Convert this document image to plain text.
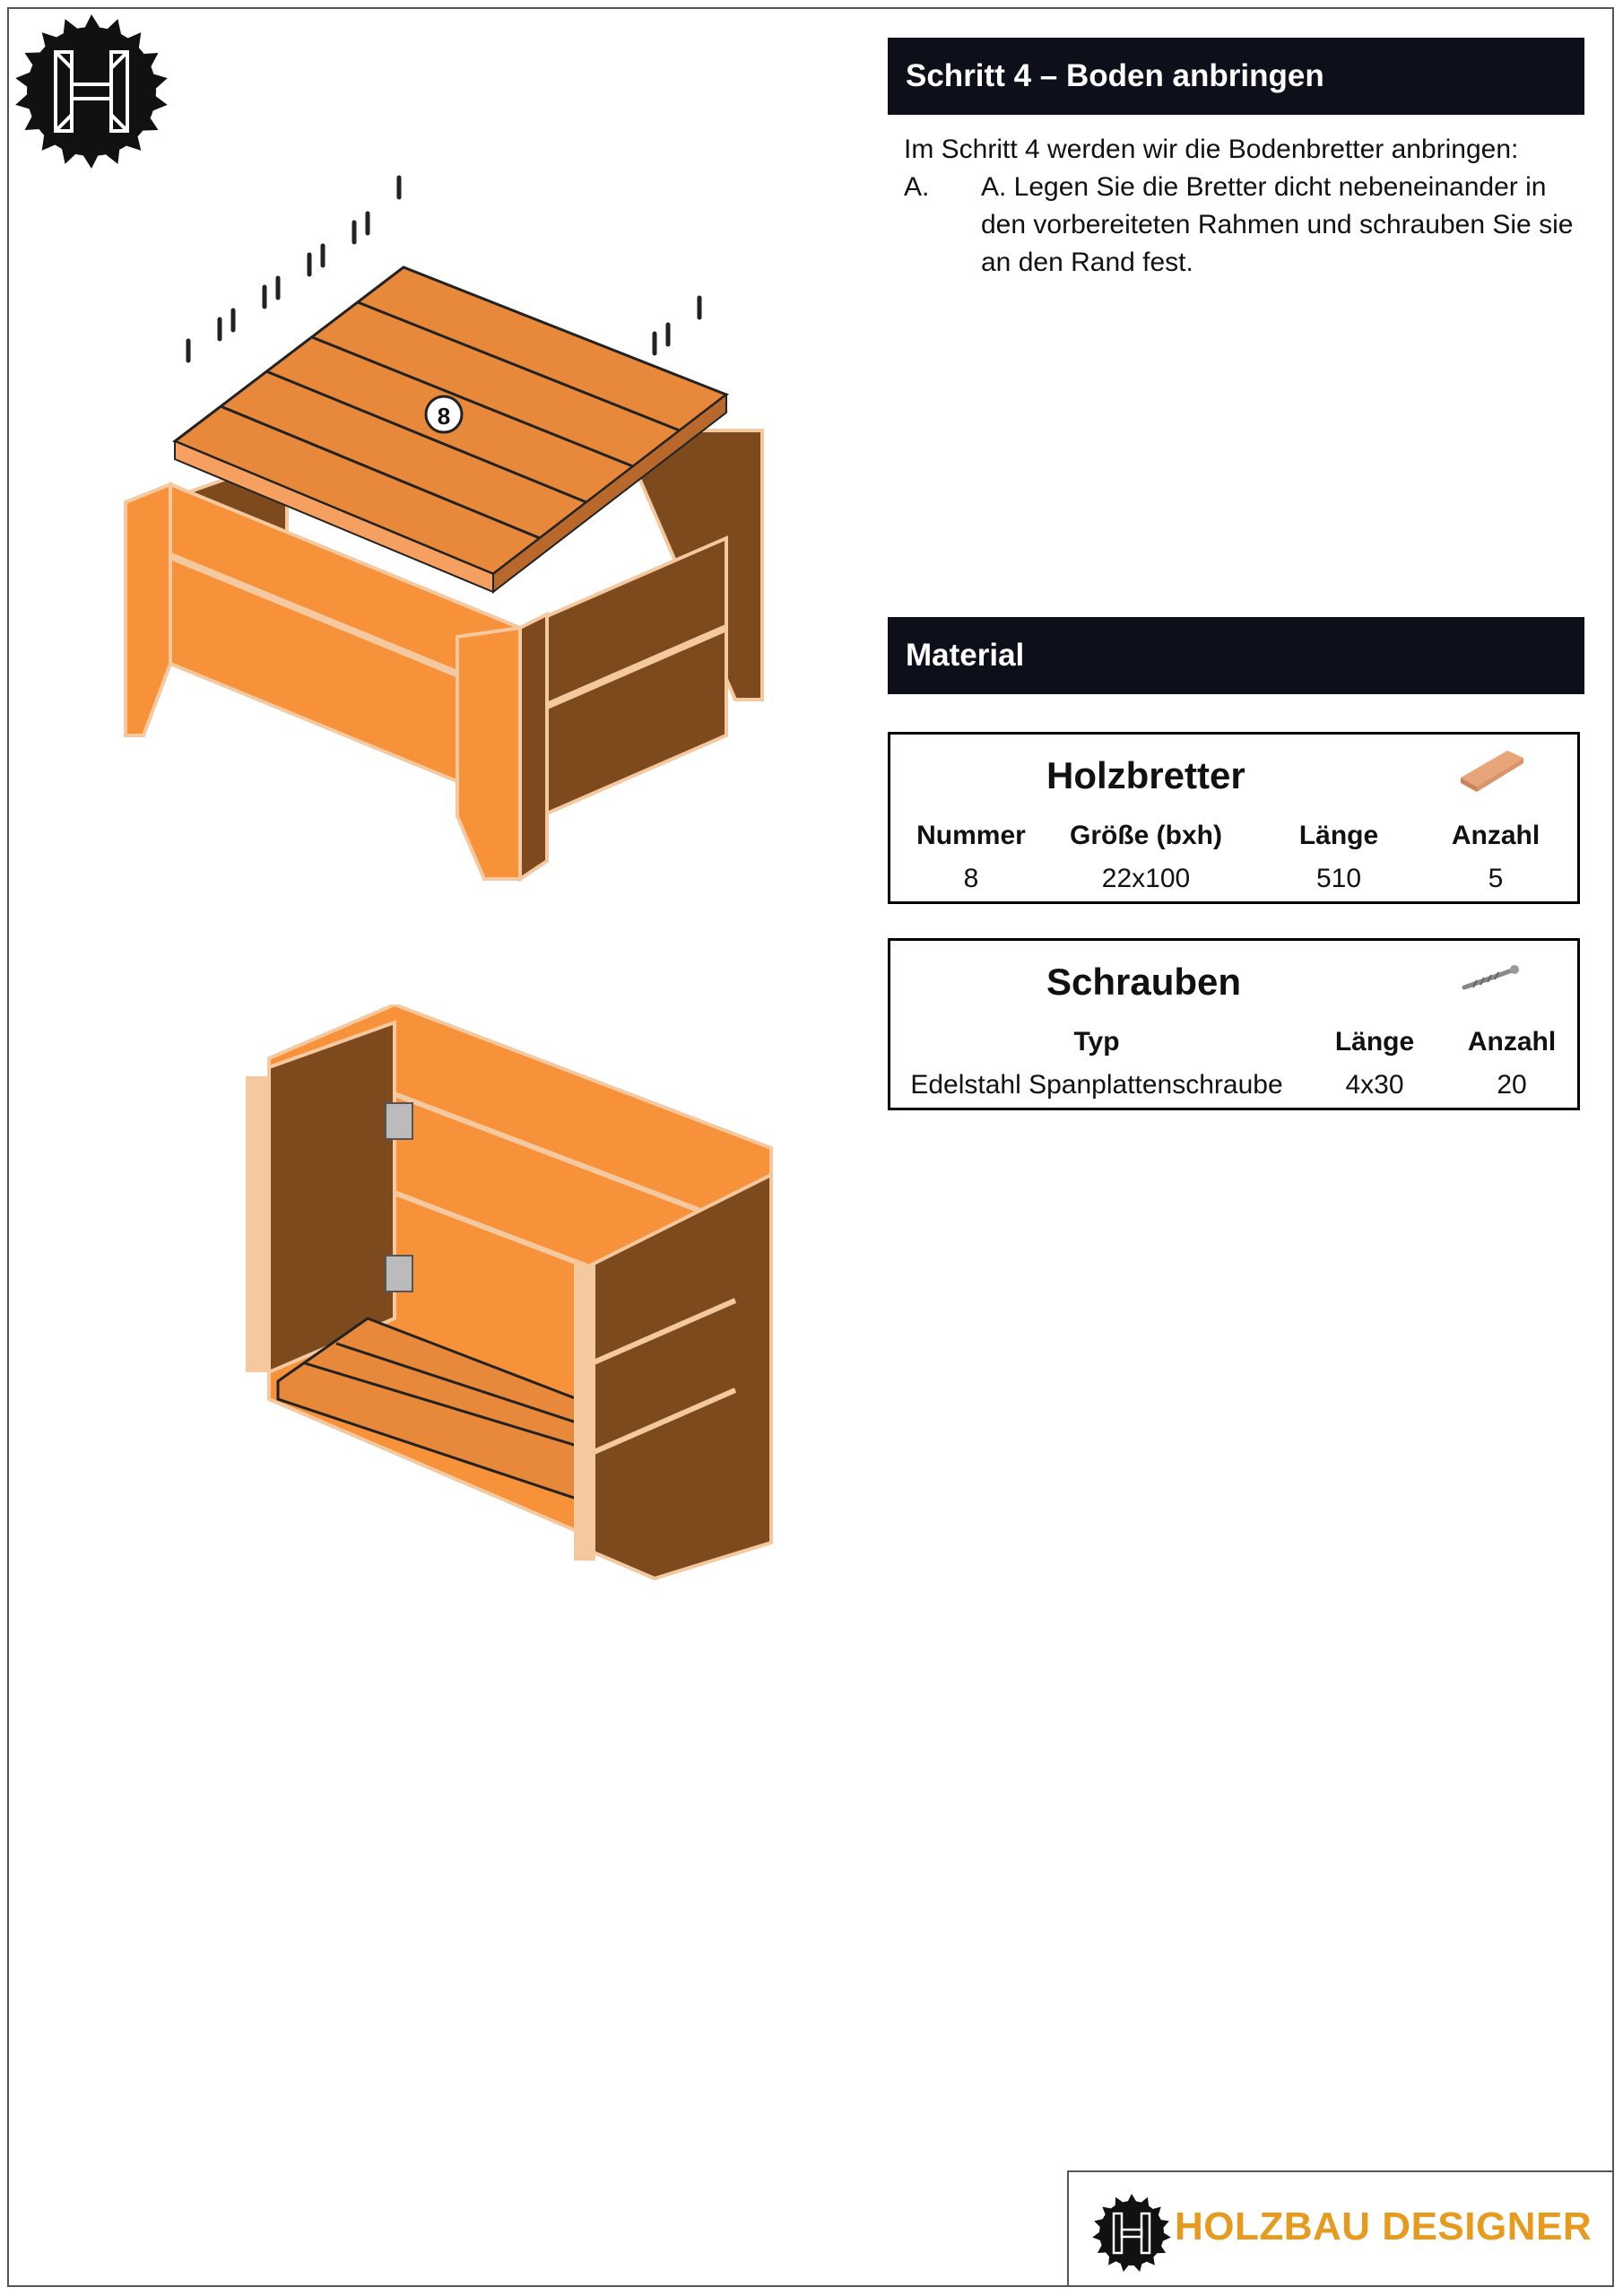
8
Schritt 4 – Boden anbringen

Im Schritt 4 werden wir die Bodenbretter anbringen:

A.	A. Legen Sie die Bretter dicht nebeneinander in den vorbereiteten Rahmen und schrauben Sie sie an den Rand fest.
Material
Holzbretter
Nummer	Größe (bxh)	Länge	Anzahl
8	22x100	510	5
Schrauben
Typ	Länge	Anzahl
Edelstahl Spanplattenschraube	4x30	20
HOLZBAU DESIGNER
